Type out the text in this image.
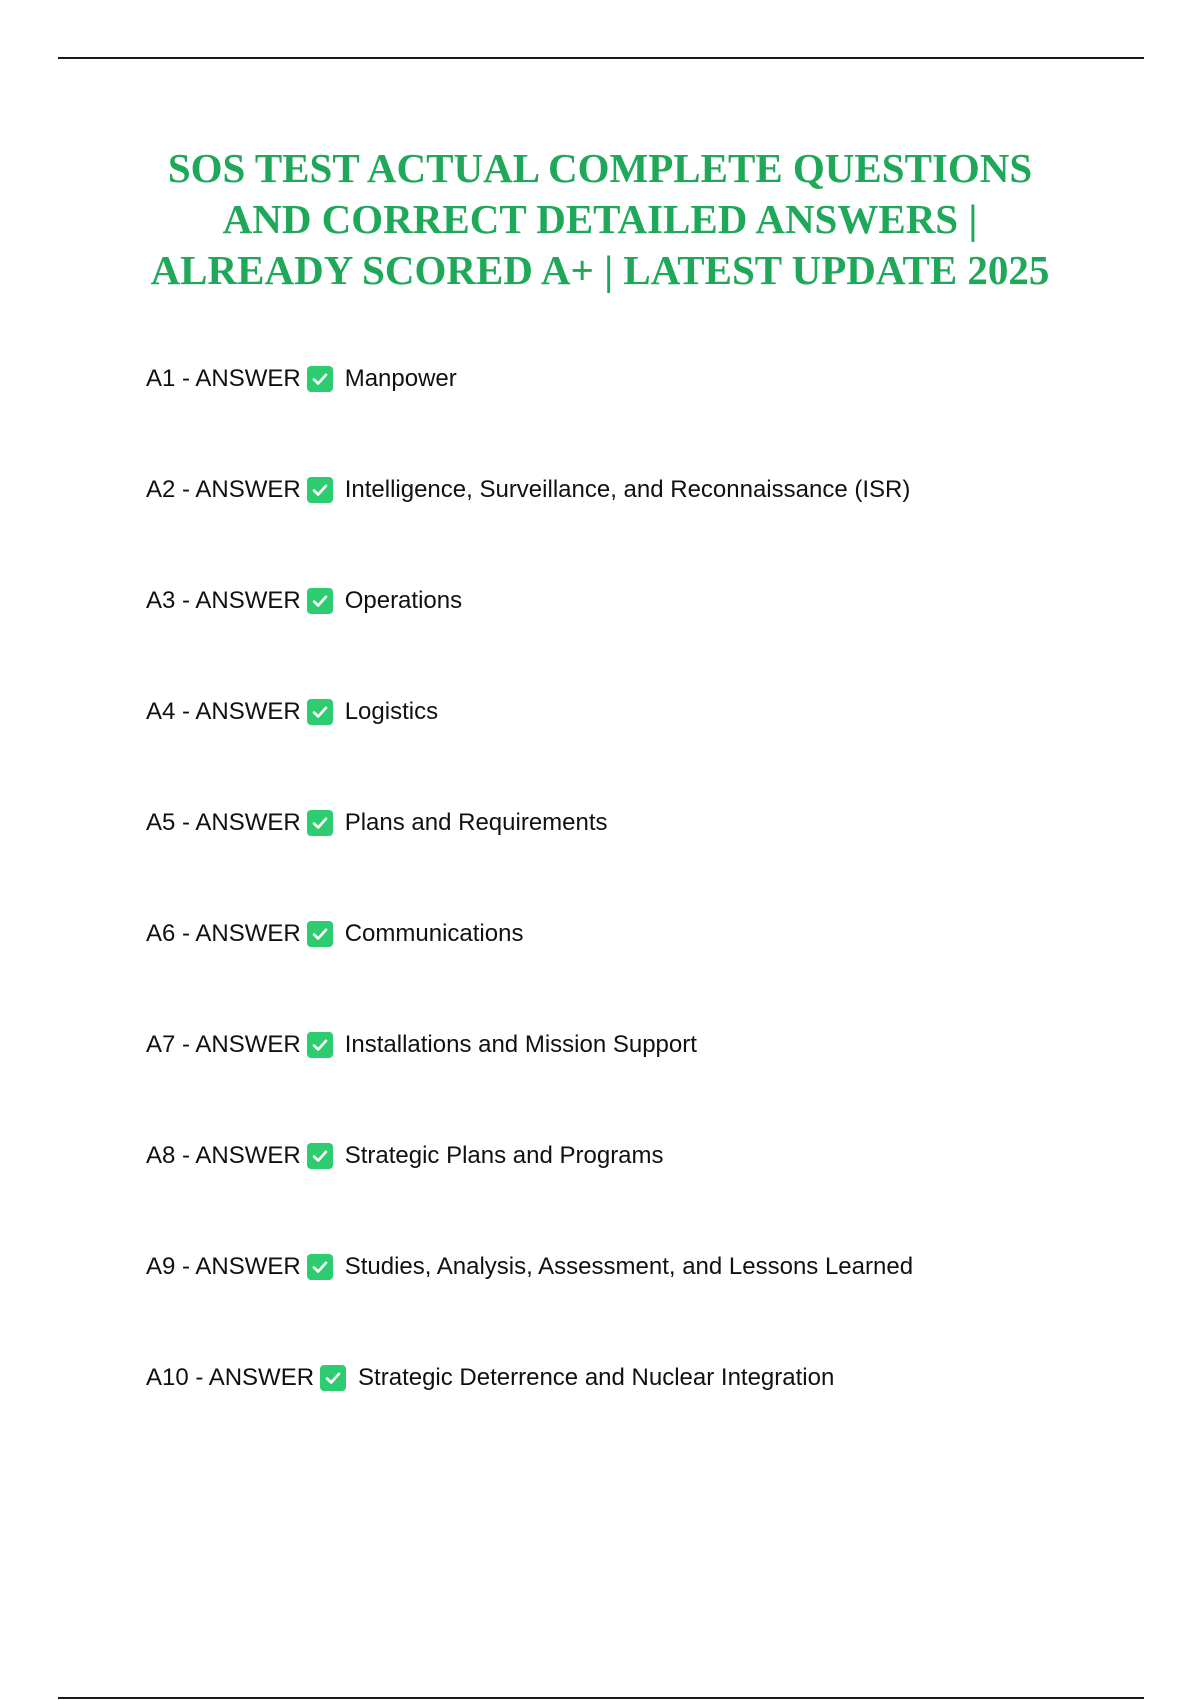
SOS TEST ACTUAL COMPLETE QUESTIONS
AND CORRECT DETAILED ANSWERS |
ALREADY SCORED A+ | LATEST UPDATE 2025
A1 - ANSWER Manpower
A2 - ANSWER Intelligence, Surveillance, and Reconnaissance (ISR)
A3 - ANSWER Operations
A4 - ANSWER Logistics
A5 - ANSWER Plans and Requirements
A6 - ANSWER Communications
A7 - ANSWER Installations and Mission Support
A8 - ANSWER Strategic Plans and Programs
A9 - ANSWER Studies, Analysis, Assessment, and Lessons Learned
A10 - ANSWER Strategic Deterrence and Nuclear Integration
